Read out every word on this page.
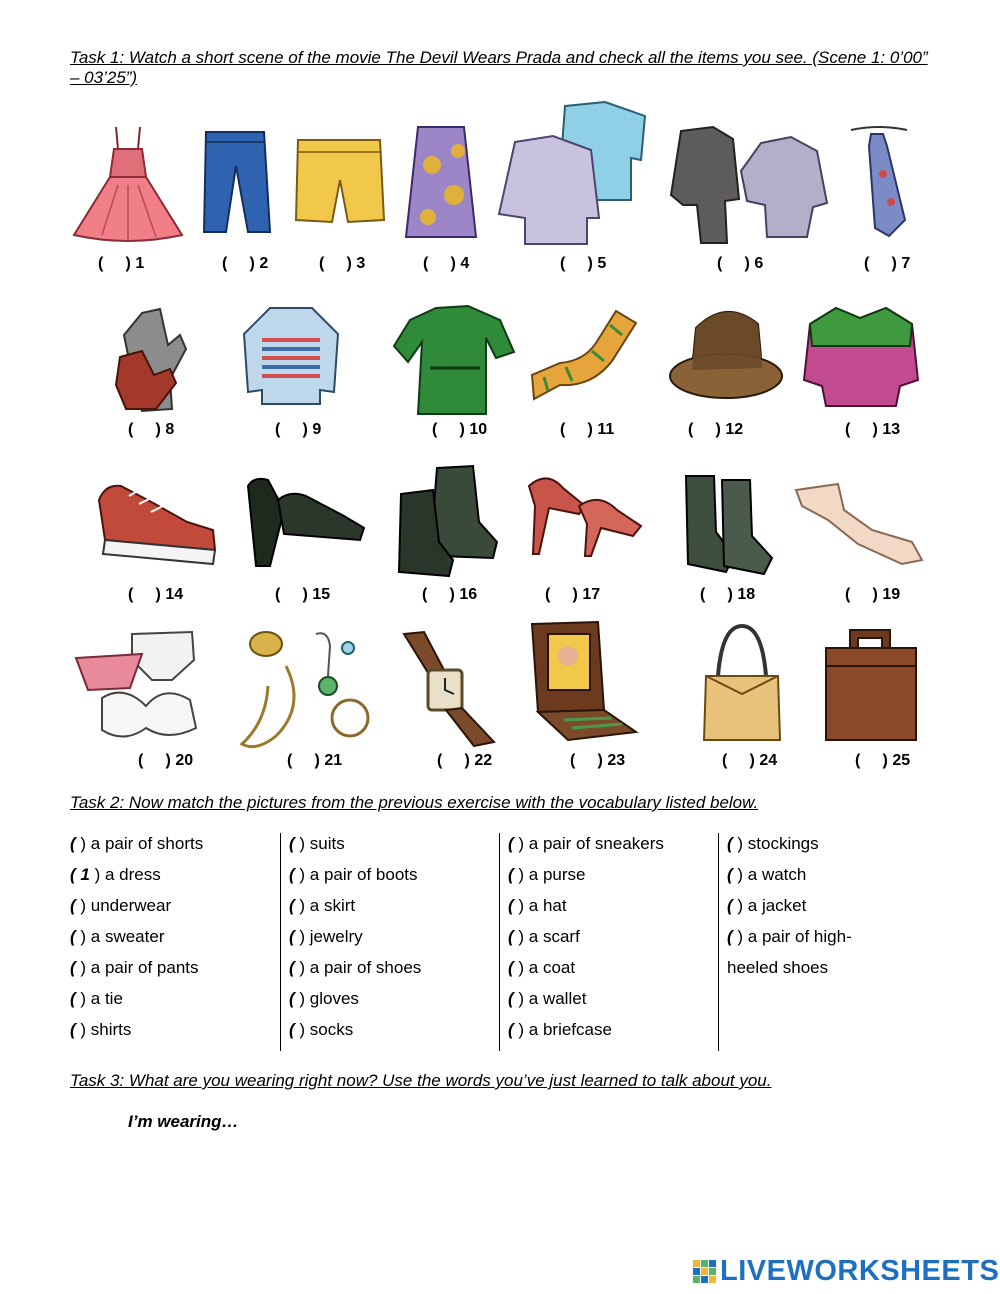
Task 1: Watch a short scene of the movie The Devil Wears Prada and check all the items you see. (Scene 1: 0’00” – 03’25”)

(     ) 1	(     ) 2	(     ) 3	(     ) 4	(     ) 5	(     ) 6	(     ) 7
(     ) 8	(     ) 9	(     ) 10	(     ) 11	(     ) 12	(     ) 13
(     ) 14	(     ) 15	(     ) 16	(     ) 17	(     ) 18	(     ) 19
(     ) 20	(     ) 21	(     ) 22	(     ) 23	(     ) 24	(     ) 25

Task 2: Now match the pictures from the previous exercise with the vocabulary listed below.

( ) a pair of shorts
( 1 ) a dress
( ) underwear
( ) a sweater
( ) a pair of pants
( ) a tie
( ) shirts
( ) suits
( ) a pair of boots
( ) a skirt
( ) jewelry
( ) a pair of shoes
( ) gloves
( ) socks
( ) a pair of sneakers
( ) a purse
( ) a hat
( ) a scarf
( ) a coat
( ) a wallet
( ) a briefcase
( ) stockings
( ) a watch
( ) a jacket
( ) a pair of high-
heeled shoes

Task 3: What are you wearing right now? Use the words you’ve just learned to talk about you.

I’m wearing…
LIVEWORKSHEETS
